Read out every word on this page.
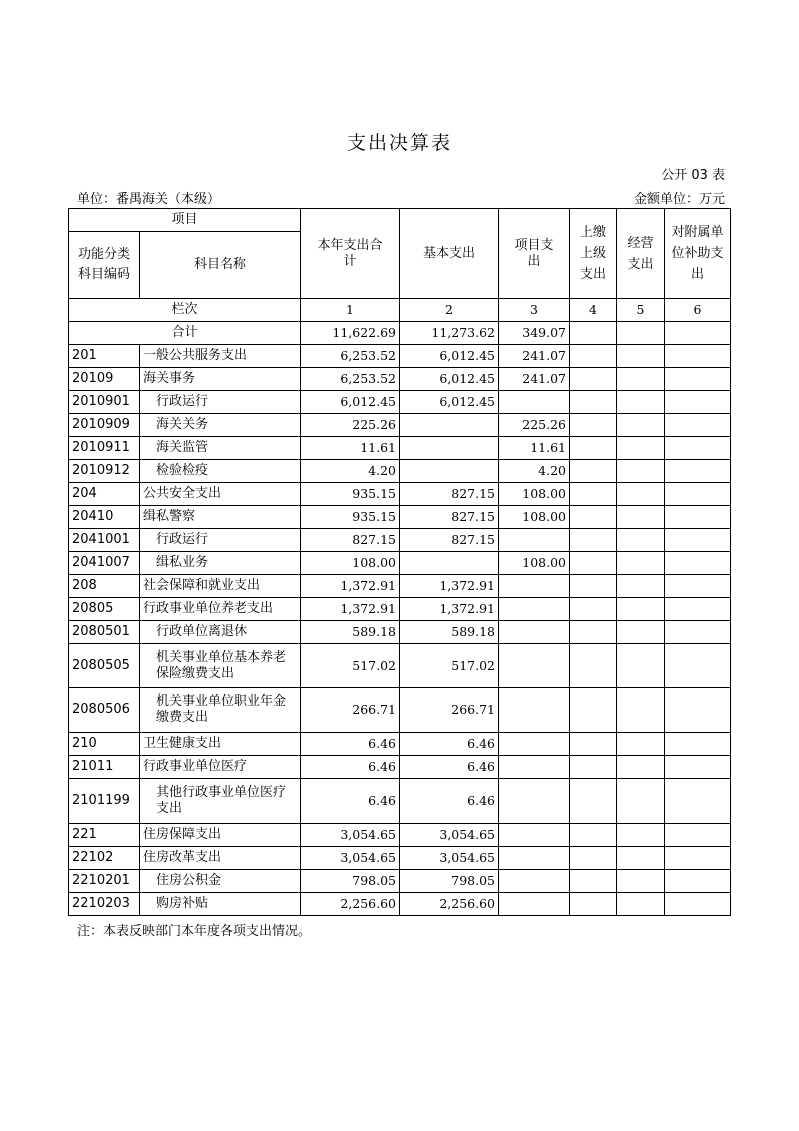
支出决算表
公开 03 表
单位：番禺海关（本级）	金额单位：万元
项目		本年支出合计	基本支出	项目支出	上缴上级支出	经营支出	对附属单位补助支出
功能分类科目编码	科目名称						
栏次		1	2	3	4	5	6
合计		11,622.69	11,273.62	349.07			
201	一般公共服务支出	6,253.52	6,012.45	241.07			
20109	海关事务	6,253.52	6,012.45	241.07			
2010901	行政运行	6,012.45	6,012.45				
2010909	海关关务	225.26		225.26			
2010911	海关监管	11.61		11.61			
2010912	检验检疫	4.20		4.20			
204	公共安全支出	935.15	827.15	108.00			
20410	缉私警察	935.15	827.15	108.00			
2041001	行政运行	827.15	827.15				
2041007	缉私业务	108.00		108.00			
208	社会保障和就业支出	1,372.91	1,372.91				
20805	行政事业单位养老支出	1,372.91	1,372.91				
2080501	行政单位离退休	589.18	589.18				
2080505	机关事业单位基本养老保险缴费支出	517.02	517.02				
2080506	机关事业单位职业年金缴费支出	266.71	266.71				
210	卫生健康支出	6.46	6.46				
21011	行政事业单位医疗	6.46	6.46				
2101199	其他行政事业单位医疗支出	6.46	6.46				
221	住房保障支出	3,054.65	3,054.65				
22102	住房改革支出	3,054.65	3,054.65				
2210201	住房公积金	798.05	798.05				
2210203	购房补贴	2,256.60	2,256.60				
注：本表反映部门本年度各项支出情况。
